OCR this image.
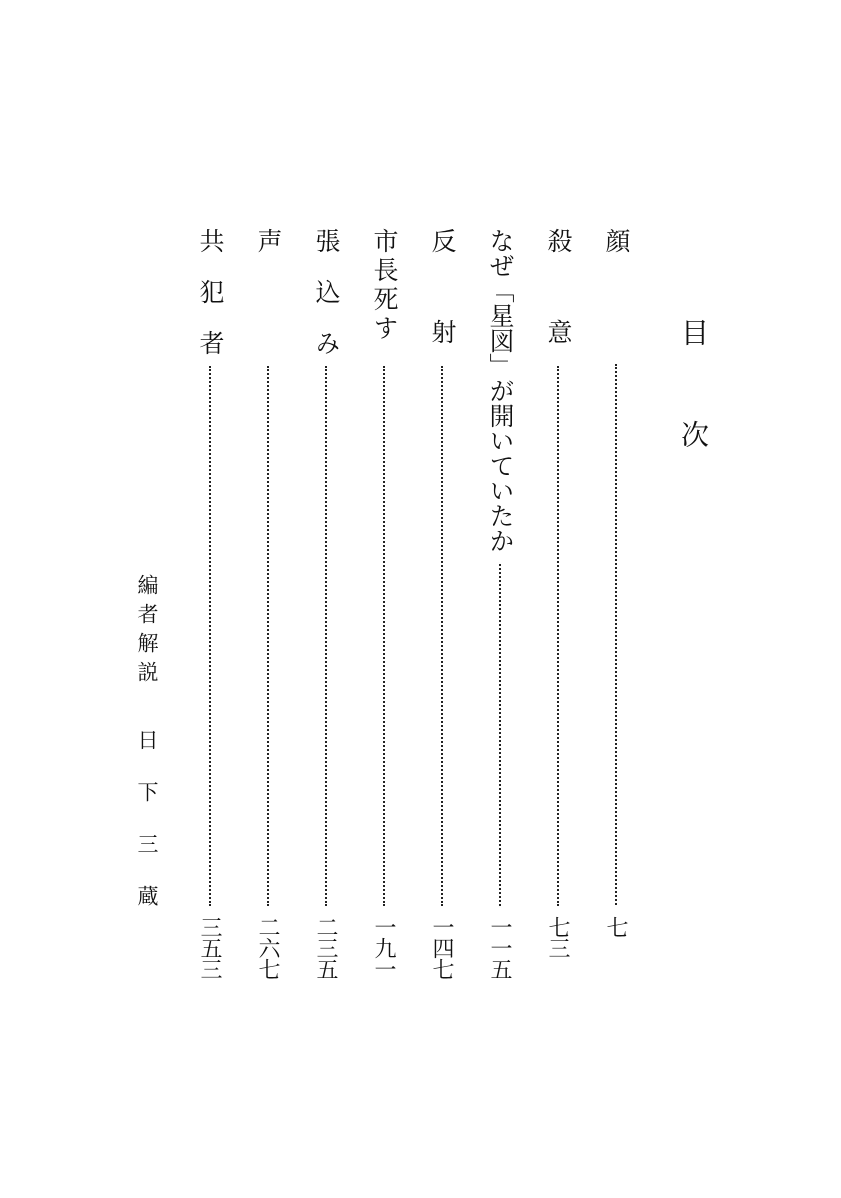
目次
顔
七
殺意
七三
なぜ「星図」が開いていたか
一一五
反射
一四七
市長死す
一九一
張込み
二三五
声
二六七
共犯者
三五三
編者解説
日下三蔵
